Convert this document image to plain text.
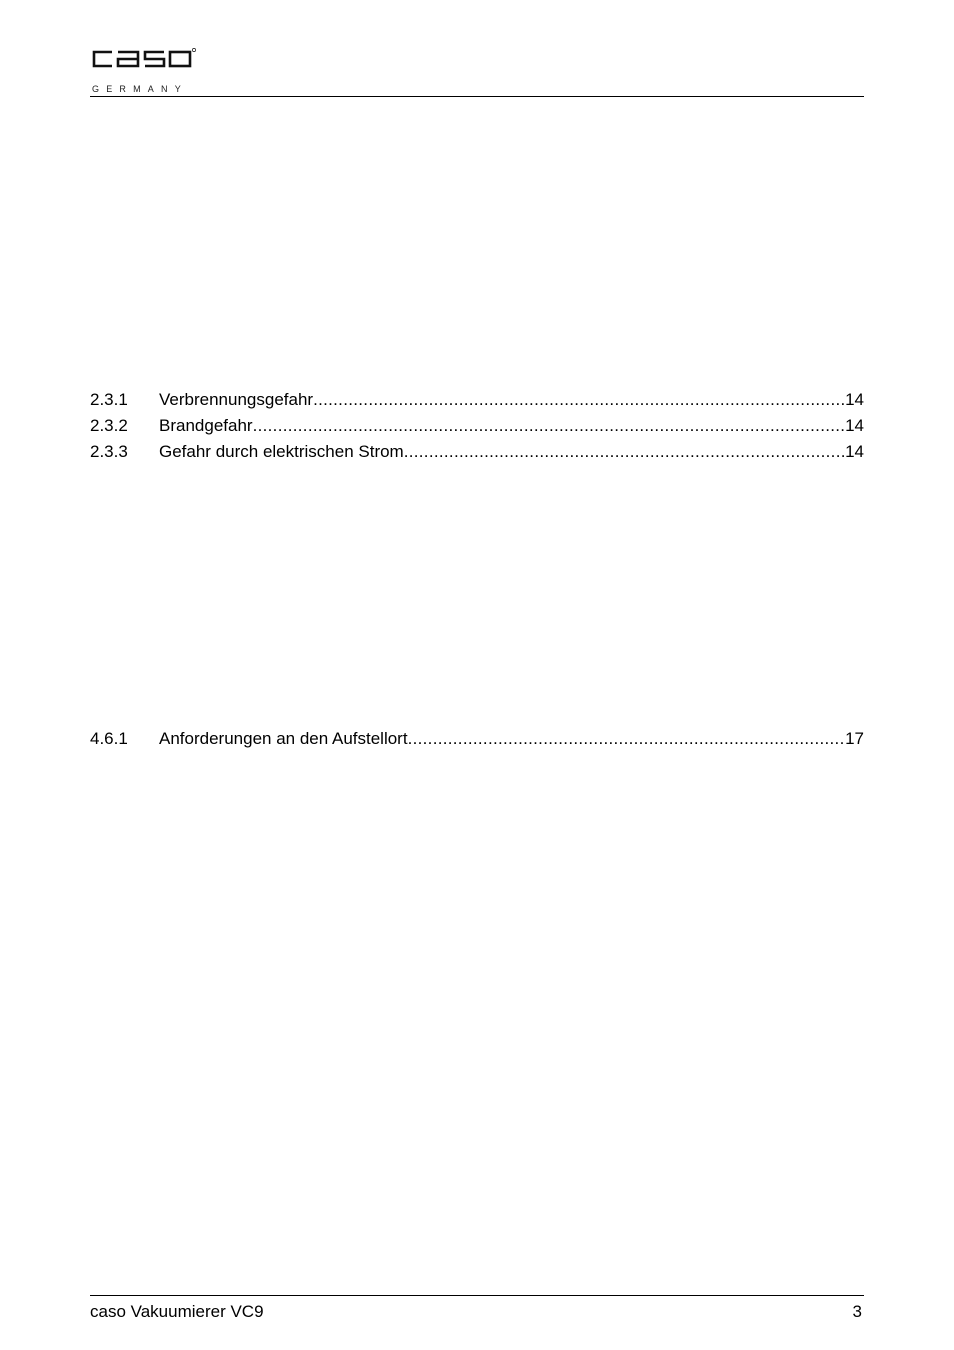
GERMANY
2.3.1	Verbrennungsgefahr .....	14
2.3.2	Brandgefahr .....	14
2.3.3	Gefahr durch elektrischen Strom .....	14
4.6.1	Anforderungen an den Aufstellort .....	17
caso Vakuumierer VC9	3
